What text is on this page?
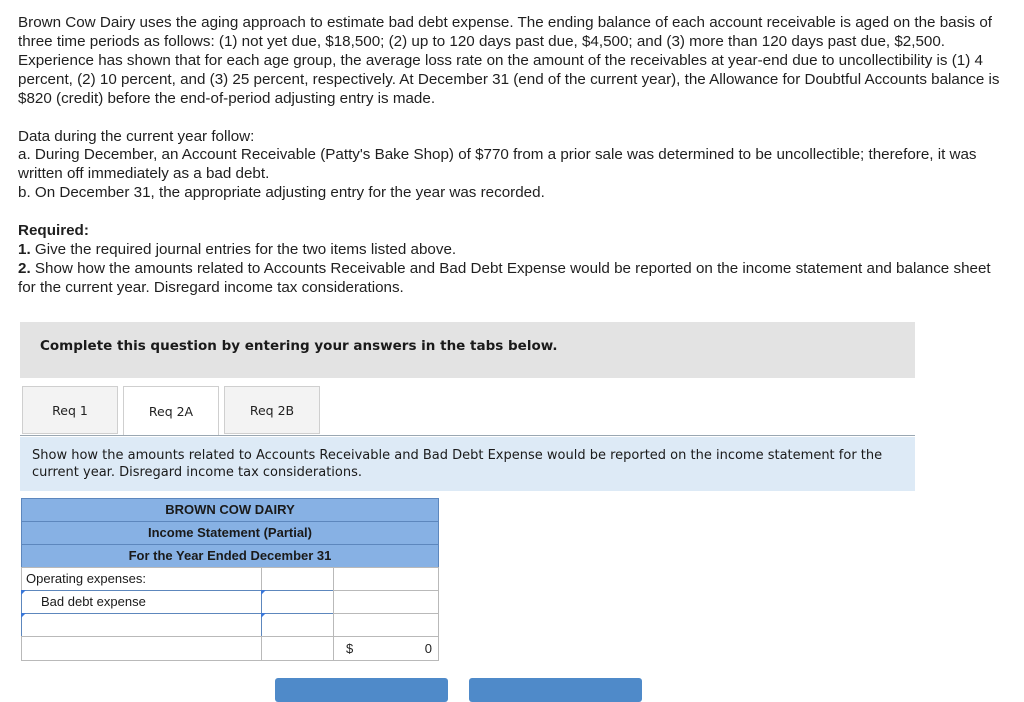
Brown Cow Dairy uses the aging approach to estimate bad debt expense. The ending balance of each account receivable is aged on the basis of three time periods as follows: (1) not yet due, $18,500; (2) up to 120 days past due, $4,500; and (3) more than 120 days past due, $2,500. Experience has shown that for each age group, the average loss rate on the amount of the receivables at year-end due to uncollectibility is (1) 4 percent, (2) 10 percent, and (3) 25 percent, respectively. At December 31 (end of the current year), the Allowance for Doubtful Accounts balance is $820 (credit) before the end-of-period adjusting entry is made.

Data during the current year follow:

a. During December, an Account Receivable (Patty's Bake Shop) of $770 from a prior sale was determined to be uncollectible; therefore, it was written off immediately as a bad debt.

b. On December 31, the appropriate adjusting entry for the year was recorded.

Required:

1. Give the required journal entries for the two items listed above.

2. Show how the amounts related to Accounts Receivable and Bad Debt Expense would be reported on the income statement and balance sheet for the current year. Disregard income tax considerations.

Complete this question by entering your answers in the tabs below.
Req 1	Req 2A	Req 2B
Show how the amounts related to Accounts Receivable and Bad Debt Expense would be reported on the income statement for the current year. Disregard income tax considerations.
BROWN COW DAIRY
Income Statement (Partial)
For the Year Ended December 31
Operating expenses:
Bad debt expense
$	0
